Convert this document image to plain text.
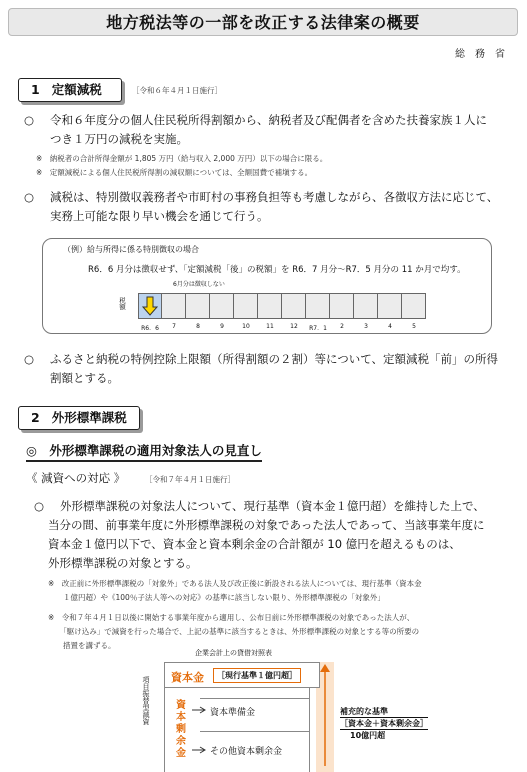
地方税法等の一部を改正する法律案の概要
総務省
1 定額減税	［令和６年４月１日施行］
○	令和６年度分の個人住民税所得割額から、納税者及び配偶者を含めた扶養家族１人に
つき１万円の減税を実施。
※　納税者の合計所得金額が 1,805 万円（給与収入 2,000 万円）以下の場合に限る。
※　定額減税による個人住民税所得割の減収額については、全額国費で補塡する。
○	減税は、特別徴収義務者や市町村の事務負担等も考慮しながら、各徴収方法に応じて、
実務上可能な限り早い機会を通じて行う。
（例）給与所得に係る特別徴収の場合
R6．6 月分は徴収せず、「定額減税「後」の税額」を R6．7 月分～R7．5 月分の 11 か月で均す。
6月分は徴収しない
税額
R6．6	7	8	9	10	11	12	R7．1	2	3	4	5
○	ふるさと納税の特例控除上限額（所得割額の２割）等について、定額減税「前」の所得
割額とする。
2 外形標準課税
◎　外形標準課税の適用対象法人の見直し
《 減資への対応 》	［令和７年４月１日施行］
○	外形標準課税の対象法人について、現行基準（資本金１億円超）を維持した上で、
当分の間、前事業年度に外形標準課税の対象であった法人であって、当該事業年度に
資本金１億円以下で、資本金と資本剰余金の合計額が 10 億円を超えるものは、
外形標準課税の対象とする。
※　改正前に外形標準課税の「対象外」である法人及び改正後に新設される法人については、現行基準（資本金
　　１億円超）や《100％子法人等への対応》の基準に該当しない限り、外形標準課税の「対象外」
※　令和７年４月１日以後に開始する事業年度から適用し、公布日前に外形標準課税の対象であった法人が、
　　「駆け込み」で減資を行った場合で、上記の基準に該当するときは、外形標準課税の対象とする等の所要の
　　措置を講ずる。
企業会計上の貸借対照表
項目振替型減資 資本金	［現行基準１億円超］
資本剰余金
資本準備金
その他資本剰余金
補充的な基準
［資本金＋資本剰余金］
10億円超
